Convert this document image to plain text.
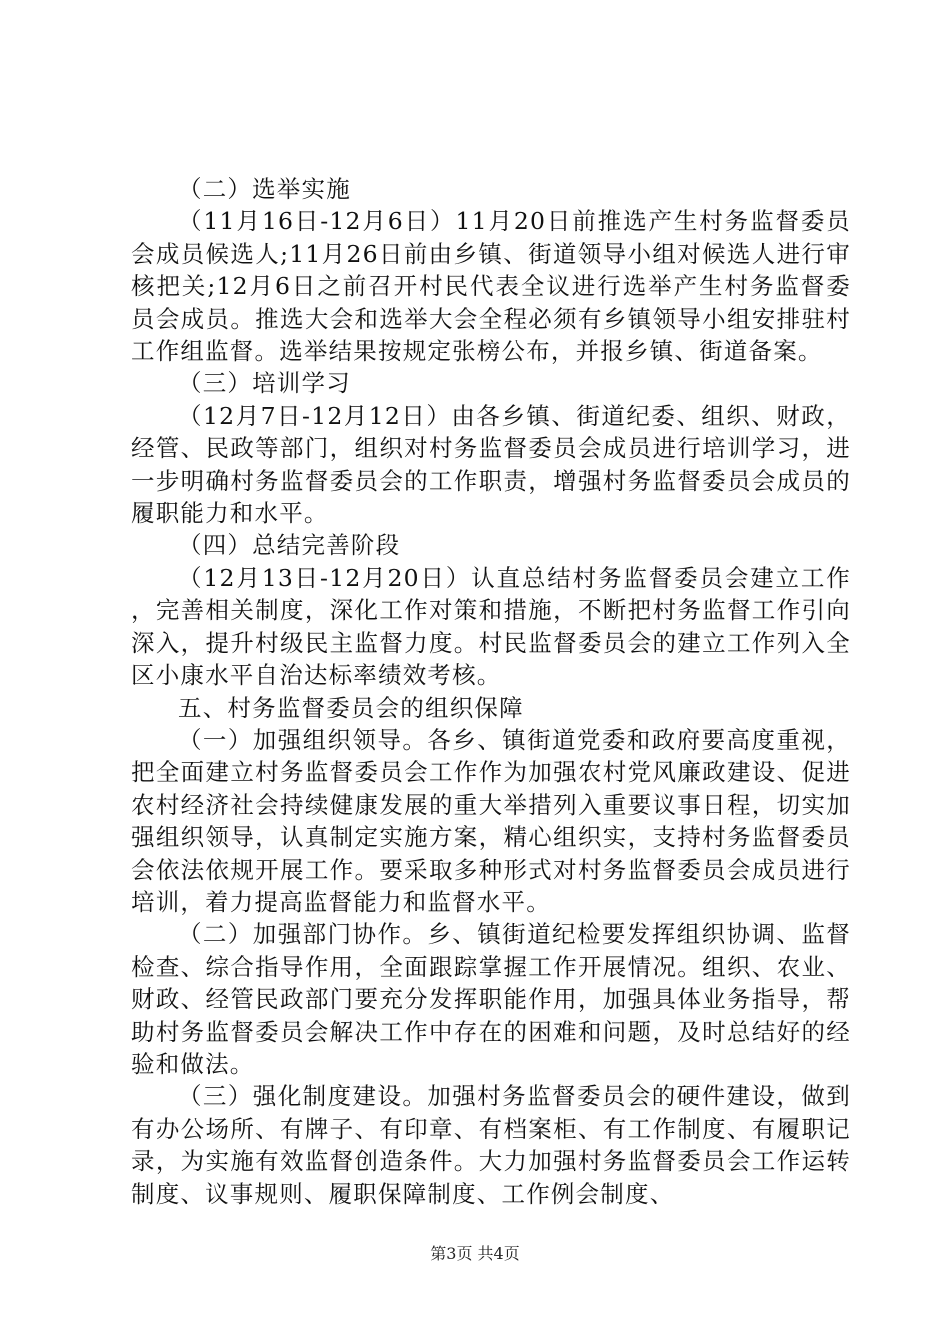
（二）选举实施

（11月16日-12月6日）11月20日前推选产生村务监督委员会成员候选人;11月26日前由乡镇、街道领导小组对候选人进行审核把关;12月6日之前召开村民代表全议进行选举产生村务监督委员会成员。推选大会和选举大会全程必须有乡镇领导小组安排驻村工作组监督。选举结果按规定张榜公布，并报乡镇、街道备案。

（三）培训学习

（12月7日-12月12日）由各乡镇、街道纪委、组织、财政，经管、民政等部门，组织对村务监督委员会成员进行培训学习，进一步明确村务监督委员会的工作职责，增强村务监督委员会成员的履职能力和水平。

（四）总结完善阶段

（12月13日-12月20日）认直总结村务监督委员会建立工作，完善相关制度，深化工作对策和措施，不断把村务监督工作引向深入，提升村级民主监督力度。村民监督委员会的建立工作列入全区小康水平自治达标率绩效考核。

五、村务监督委员会的组织保障

（一）加强组织领导。各乡、镇街道党委和政府要高度重视，把全面建立村务监督委员会工作作为加强农村党风廉政建设、促进农村经济社会持续健康发展的重大举措列入重要议事日程，切实加强组织领导，认真制定实施方案，精心组织实，支持村务监督委员会依法依规开展工作。要采取多种形式对村务监督委员会成员进行培训，着力提高监督能力和监督水平。

（二）加强部门协作。乡、镇街道纪检要发挥组织协调、监督检查、综合指导作用，全面跟踪掌握工作开展情况。组织、农业、财政、经管民政部门要充分发挥职能作用，加强具体业务指导，帮助村务监督委员会解决工作中存在的困难和问题，及时总结好的经验和做法。

（三）强化制度建设。加强村务监督委员会的硬件建设，做到有办公场所、有牌子、有印章、有档案柜、有工作制度、有履职记录，为实施有效监督创造条件。大力加强村务监督委员会工作运转制度、议事规则、履职保障制度、工作例会制度、

第3页 共4页
